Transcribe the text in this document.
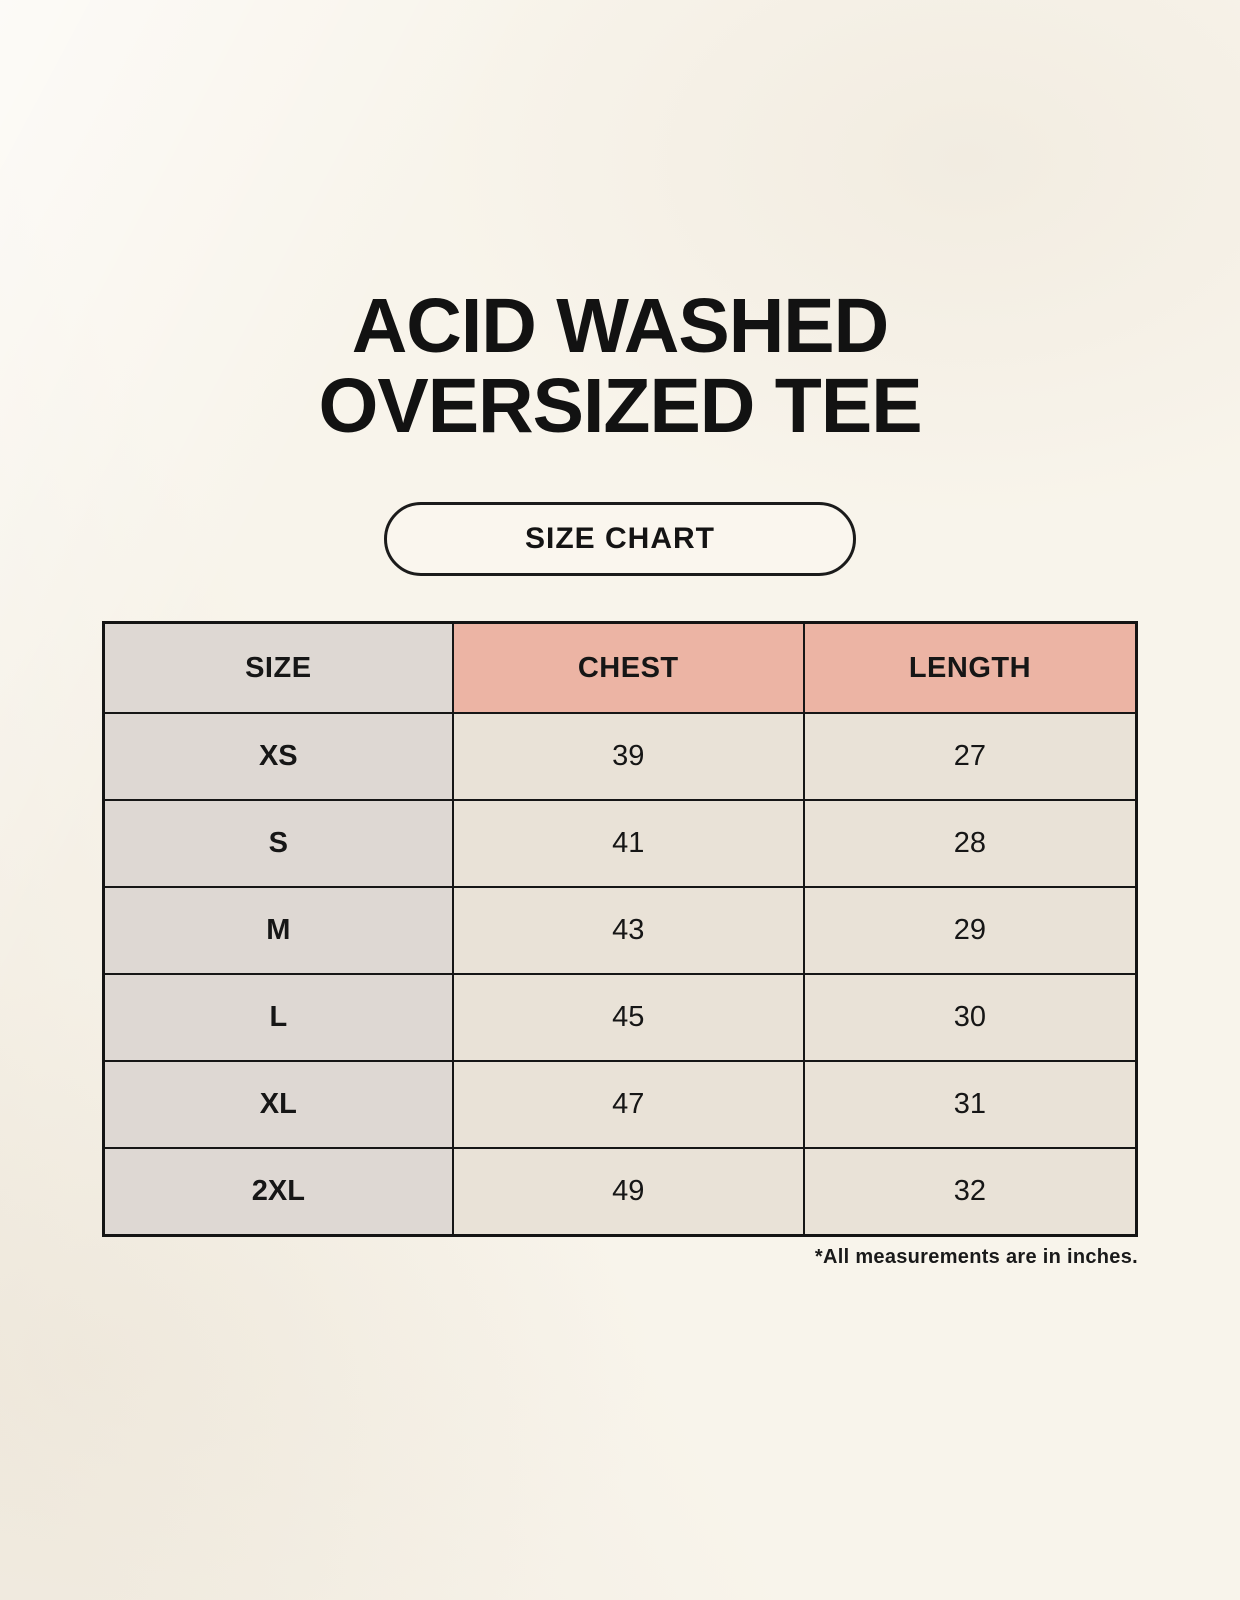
ACID WASHED
OVERSIZED TEE
SIZE CHART
SIZE	CHEST	LENGTH
XS	39	27
S	41	28
M	43	29
L	45	30
XL	47	31
2XL	49	32
*All measurements are in inches.
